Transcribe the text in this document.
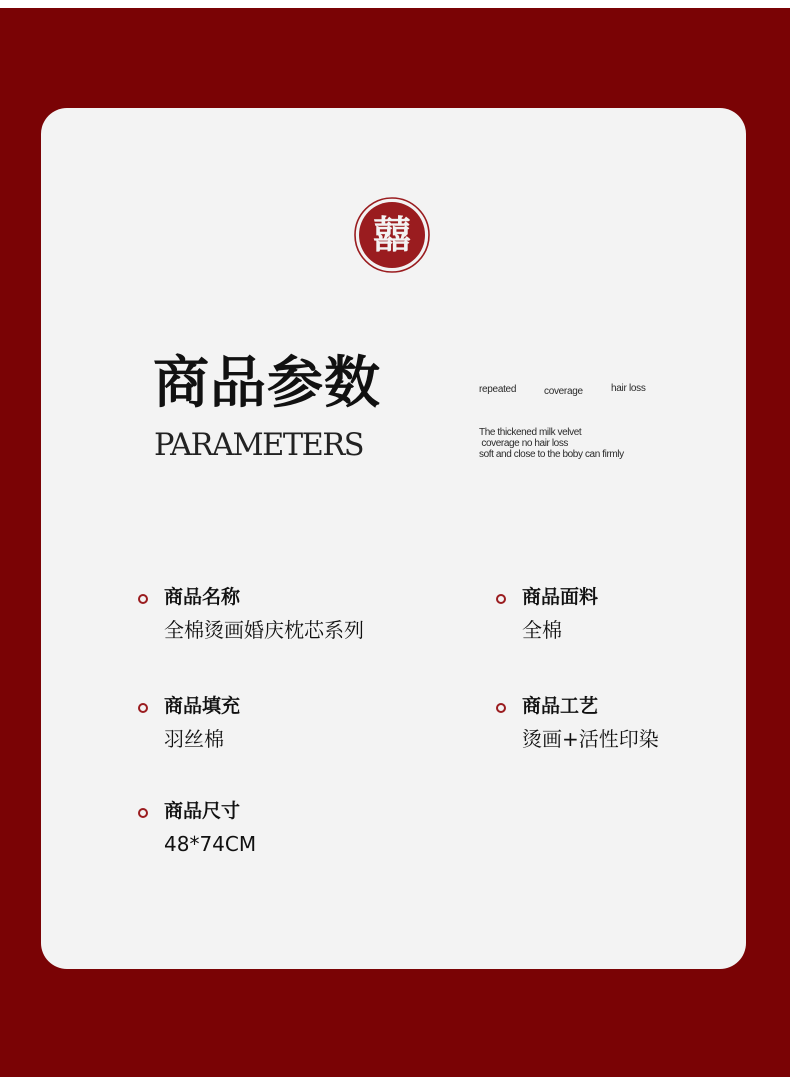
囍
商品参数
PARAMETERS
repeated	coverage	hair loss
The thickened milk velvet
coverage no hair loss
soft and close to the boby can firmly
商品名称
全棉烫画婚庆枕芯系列
商品面料
全棉
商品填充
羽丝棉
商品工艺
烫画+活性印染
商品尺寸
48*74CM
